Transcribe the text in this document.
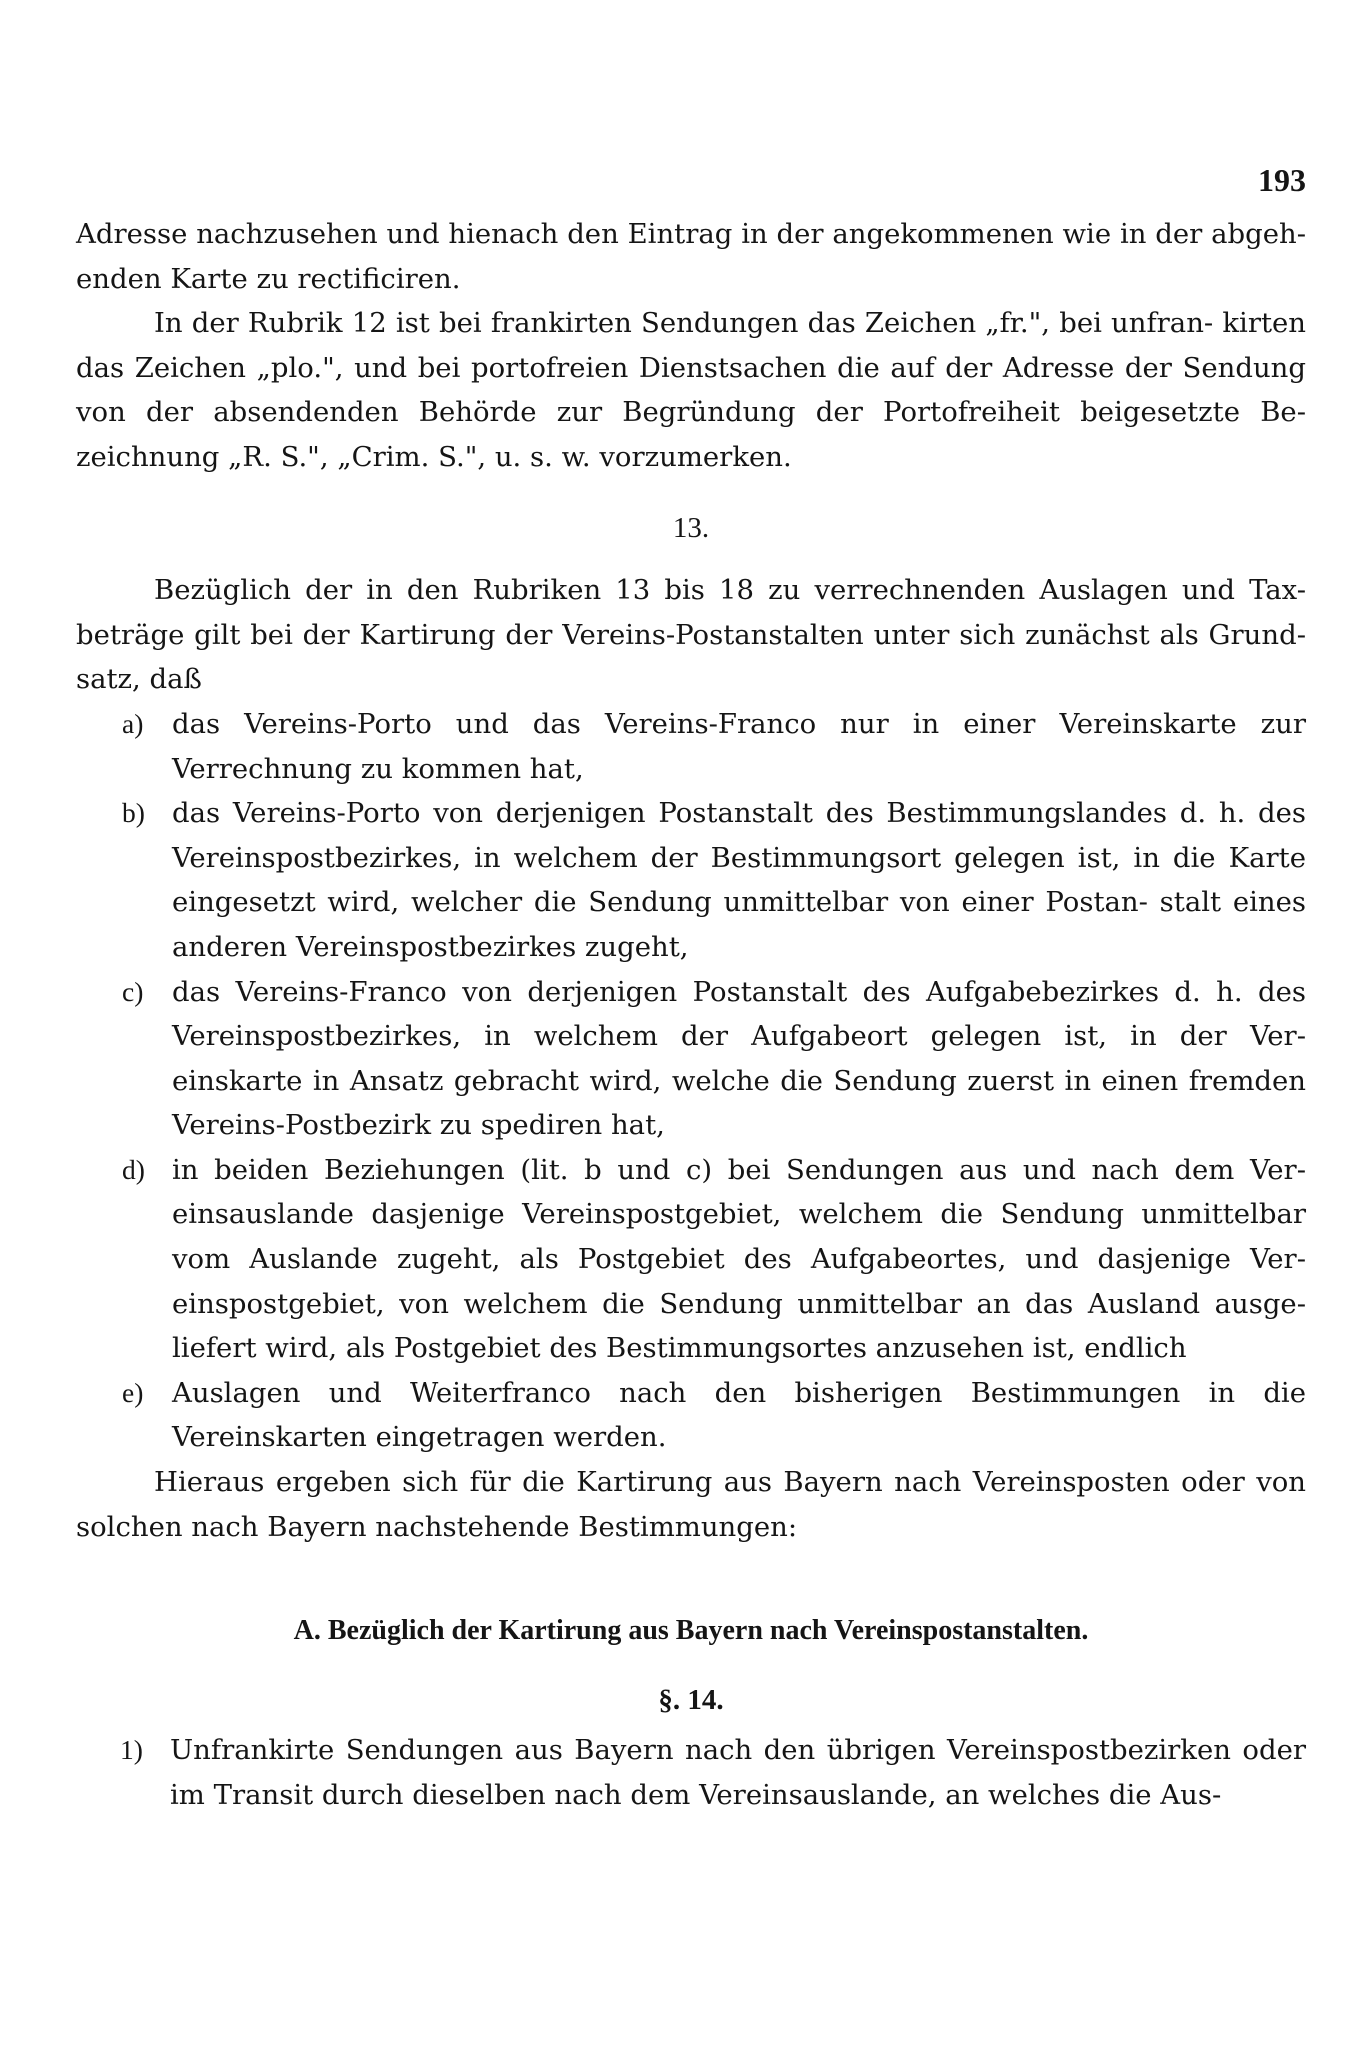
193

Adresse nachzusehen und hienach den Eintrag in der angekommenen wie in der abgeh- enden Karte zu rectificiren.

In der Rubrik 12 ist bei frankirten Sendungen das Zeichen „fr.", bei unfran- kirten das Zeichen „plo.", und bei portofreien Dienstsachen die auf der Adresse der Sendung von der absendenden Behörde zur Begründung der Portofreiheit beigesetzte Be- zeichnung „R. S.", „Crim. S.", u. s. w. vorzumerken.

13.

Bezüglich der in den Rubriken 13 bis 18 zu verrechnenden Auslagen und Tax- beträge gilt bei der Kartirung der Vereins-Postanstalten unter sich zunächst als Grund- satz, daß

a)	das Vereins-Porto und das Vereins-Franco nur in einer Vereinskarte zur Verrechnung zu kommen hat,
b) das Vereins-Porto von derjenigen Postanstalt des Bestimmungslandes d. h. des Vereinspostbezirkes, in welchem der Bestimmungsort gelegen ist, in die Karte eingesetzt wird, welcher die Sendung unmittelbar von einer Postan- stalt eines anderen Vereinspostbezirkes zugeht,
c)	das Vereins-Franco von derjenigen Postanstalt des Aufgabebezirkes d. h. des Vereinspostbezirkes, in welchem der Aufgabeort gelegen ist, in der Ver- einskarte in Ansatz gebracht wird, welche die Sendung zuerst in einen fremden Vereins-Postbezirk zu spediren hat,
d) in beiden Beziehungen (lit. b und c) bei Sendungen aus und nach dem Ver- einsauslande dasjenige Vereinspostgebiet, welchem die Sendung unmittelbar vom Auslande zugeht, als Postgebiet des Aufgabeortes, und dasjenige Ver- einspostgebiet, von welchem die Sendung unmittelbar an das Ausland ausge- liefert wird, als Postgebiet des Bestimmungsortes anzusehen ist, endlich
e)	Auslagen und Weiterfranco nach den bisherigen Bestimmungen in die Vereinskarten eingetragen werden.

Hieraus ergeben sich für die Kartirung aus Bayern nach Vereinsposten oder von solchen nach Bayern nachstehende Bestimmungen:

A. Bezüglich der Kartirung aus Bayern nach Vereinspostanstalten.

§. 14.

1) Unfrankirte Sendungen aus Bayern nach den übrigen Vereinspostbezirken oder im Transit durch dieselben nach dem Vereinsauslande, an welches die Aus-
